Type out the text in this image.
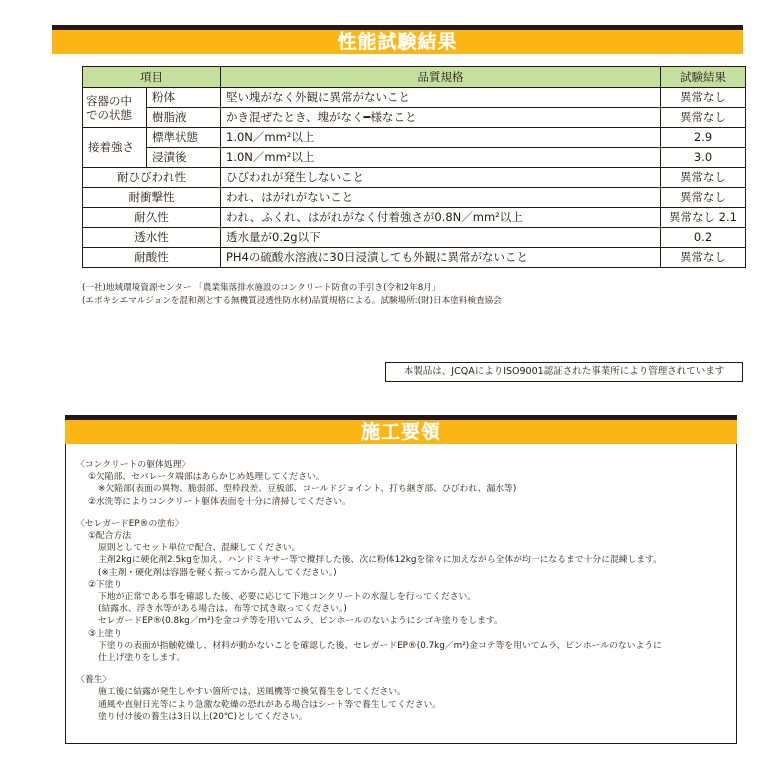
性能試験結果
項目		品質規格	試験結果
容器の中
での状態	粉体	堅い塊がなく外観に異常がないこと	異常なし
	樹脂液	かき混ぜたとき、塊がなく━様なこと	異常なし
接着強さ	標準状態	1.0N／mm²以上	2.9
	浸漬後	1.0N／mm²以上	3.0
耐ひびわれ性		ひびわれが発生しないこと	異常なし
耐衝撃性		われ、はがれがないこと	異常なし
耐久性		われ、ふくれ、はがれがなく付着強さが0.8N／mm²以上	異常なし 2.1
透水性		透水量が0.2g以下	0.2
耐酸性		PH4の硫酸水溶液に30日浸漬しても外観に異常がないこと	異常なし
(一社)地域環境資源センター 「農業集落排水施設のコンクリート防食の手引き(令和2年8月」
(エポキシエマルジョンを混和剤とする無機質浸透性防水材)品質規格による。試験場所:(財)日本塗料検査協会
本製品は、JCQAによりISO9001認証された事業所により管理されています
施工要領
〈コンクリートの躯体処理〉
①欠陥部、セパレータ端部はあらかじめ処理してください。
※欠陥部(表面の異物、脆弱部、型枠段差、豆板部、コールドジョイント、打ち継ぎ部、ひびわれ、漏水等)
②水洗等によりコンクリート躯体表面を十分に清掃してください。
〈セレガードEP®の塗布〉
①配合方法
原則としてセット単位で配合、混練してください。
主剤2kgに硬化剤2.5kgを加え、ハンドミキサー等で攪拌した後、次に粉体12kgを徐々に加えながら全体が均一になるまで十分に混練します。
(※主剤・硬化剤は容器を軽く振ってから混入してください。)
②下塗り
下地が正常である事を確認した後、必要に応じて下地コンクリートの水湿しを行ってください。
(結露水、浮き水等がある場合は、布等で拭き取ってください。)
セレガードEP®(0.8kg／m²)を金コテ等を用いてムラ、ピンホールのないようにシゴキ塗りをします。
③上塗り
下塗りの表面が指触乾燥し、材料が動かないことを確認した後、セレガードEP®(0.7kg／m²)金コテ等を用いてムラ、ピンホールのないように
仕上げ塗りをします。
〈養生〉
施工後に結露が発生しやすい箇所では、送風機等で換気養生をしてください。
通風や直射日光等により急激な乾燥の恐れがある場合はシート等で養生してください。
塗り付け後の養生は3日以上(20℃)としてください。
